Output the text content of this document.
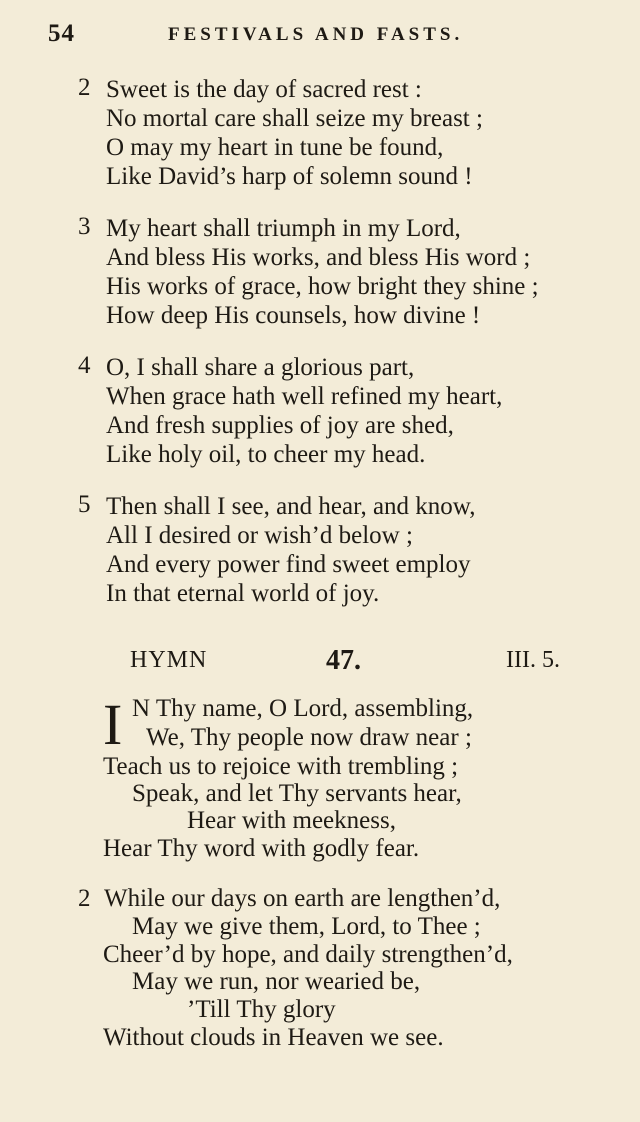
54	FESTIVALS AND FASTS.
2 Sweet is the day of sacred rest :
No mortal care shall seize my breast ;
O may my heart in tune be found,
Like David’s harp of solemn sound !
3 My heart shall triumph in my Lord,
And bless His works, and bless His word ;
His works of grace, how bright they shine ;
How deep His counsels, how divine !
4 O, I shall share a glorious part,
When grace hath well refined my heart,
And fresh supplies of joy are shed,
Like holy oil, to cheer my head.
5 Then shall I see, and hear, and know,
All I desired or wish’d below ;
And every power find sweet employ
In that eternal world of joy.
HYMN	47.	III. 5.
I N Thy name, O Lord, assembling,
We, Thy people now draw near ;
Teach us to rejoice with trembling ;
Speak, and let Thy servants hear,
Hear with meekness,
Hear Thy word with godly fear.
2 While our days on earth are lengthen’d,
May we give them, Lord, to Thee ;
Cheer’d by hope, and daily strengthen’d,
May we run, nor wearied be,
’Till Thy glory
Without clouds in Heaven we see.
